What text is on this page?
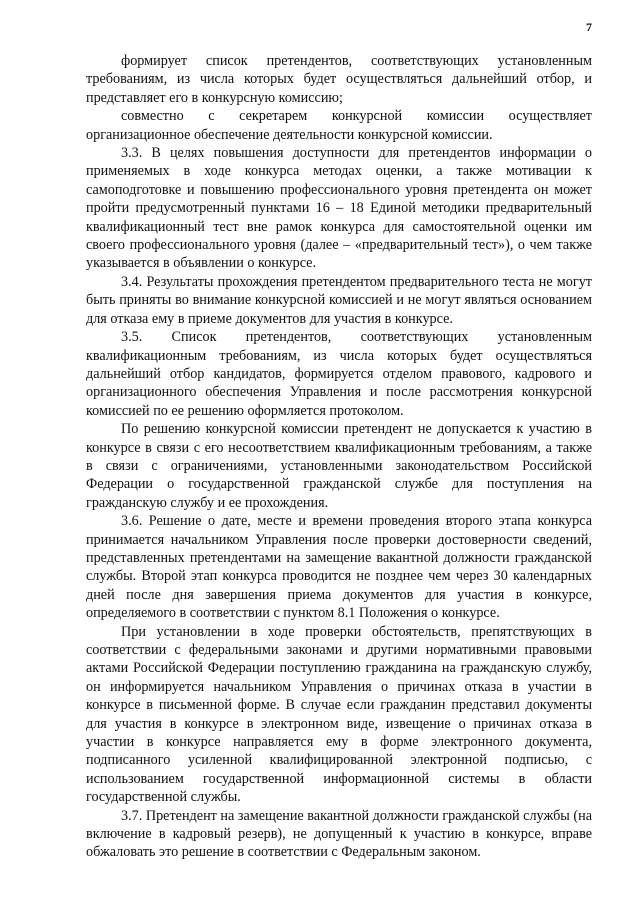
7

формирует список претендентов, соответствующих установленным требованиям, из числа которых будет осуществляться дальнейший отбор, и представляет его в конкурсную комиссию;

совместно с секретарем конкурсной комиссии осуществляет организационное обеспечение деятельности конкурсной комиссии.

3.3. В целях повышения доступности для претендентов информации о применяемых в ходе конкурса методах оценки, а также мотивации к самоподготовке и повышению профессионального уровня претендента он может пройти предусмотренный пунктами 16 – 18 Единой методики предварительный квалификационный тест вне рамок конкурса для самостоятельной оценки им своего профессионального уровня (далее – «предварительный тест»), о чем также указывается в объявлении о конкурсе.

3.4. Результаты прохождения претендентом предварительного теста не могут быть приняты во внимание конкурсной комиссией и не могут являться основанием для отказа ему в приеме документов для участия в конкурсе.

3.5. Список претендентов, соответствующих установленным квалификационным требованиям, из числа которых будет осуществляться дальнейший отбор кандидатов, формируется отделом правового, кадрового и организационного обеспечения Управления и после рассмотрения конкурсной комиссией по ее решению оформляется протоколом.

По решению конкурсной комиссии претендент не допускается к участию в конкурсе в связи с его несоответствием квалификационным требованиям, а также в связи с ограничениями, установленными законодательством Российской Федерации о государственной гражданской службе для поступления на гражданскую службу и ее прохождения.

3.6. Решение о дате, месте и времени проведения второго этапа конкурса принимается начальником Управления после проверки достоверности сведений, представленных претендентами на замещение вакантной должности гражданской службы. Второй этап конкурса проводится не позднее чем через 30 календарных дней после дня завершения приема документов для участия в конкурсе, определяемого в соответствии с пунктом 8.1 Положения о конкурсе.

При установлении в ходе проверки обстоятельств, препятствующих в соответствии с федеральными законами и другими нормативными правовыми актами Российской Федерации поступлению гражданина на гражданскую службу, он информируется начальником Управления о причинах отказа в участии в конкурсе в письменной форме. В случае если гражданин представил документы для участия в конкурсе в электронном виде, извещение о причинах отказа в участии в конкурсе направляется ему в форме электронного документа, подписанного усиленной квалифицированной электронной подписью, с использованием государственной информационной системы в области государственной службы.

3.7. Претендент на замещение вакантной должности гражданской службы (на включение в кадровый резерв), не допущенный к участию в конкурсе, вправе обжаловать это решение в соответствии с Федеральным законом.
